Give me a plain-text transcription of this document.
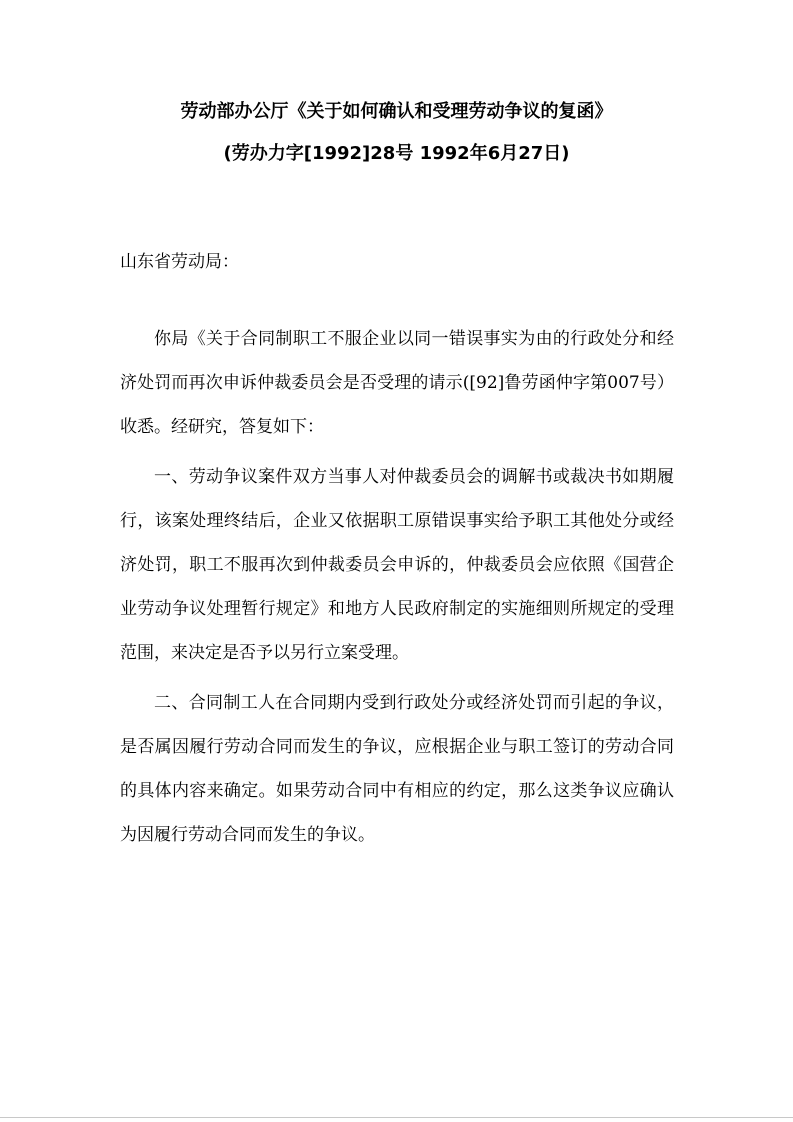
劳动部办公厅《关于如何确认和受理劳动争议的复函》
(劳办力字[1992]28号 1992年6月27日)
山东省劳动局：

你局《关于合同制职工不服企业以同一错误事实为由的行政处分和经济处罚而再次申诉仲裁委员会是否受理的请示([92]鲁劳函仲字第007号）收悉。经研究，答复如下：

一、劳动争议案件双方当事人对仲裁委员会的调解书或裁决书如期履行，该案处理终结后，企业又依据职工原错误事实给予职工其他处分或经济处罚，职工不服再次到仲裁委员会申诉的，仲裁委员会应依照《国营企业劳动争议处理暂行规定》和地方人民政府制定的实施细则所规定的受理范围，来决定是否予以另行立案受理。

二、合同制工人在合同期内受到行政处分或经济处罚而引起的争议，是否属因履行劳动合同而发生的争议，应根据企业与职工签订的劳动合同的具体内容来确定。如果劳动合同中有相应的约定，那么这类争议应确认为因履行劳动合同而发生的争议。
